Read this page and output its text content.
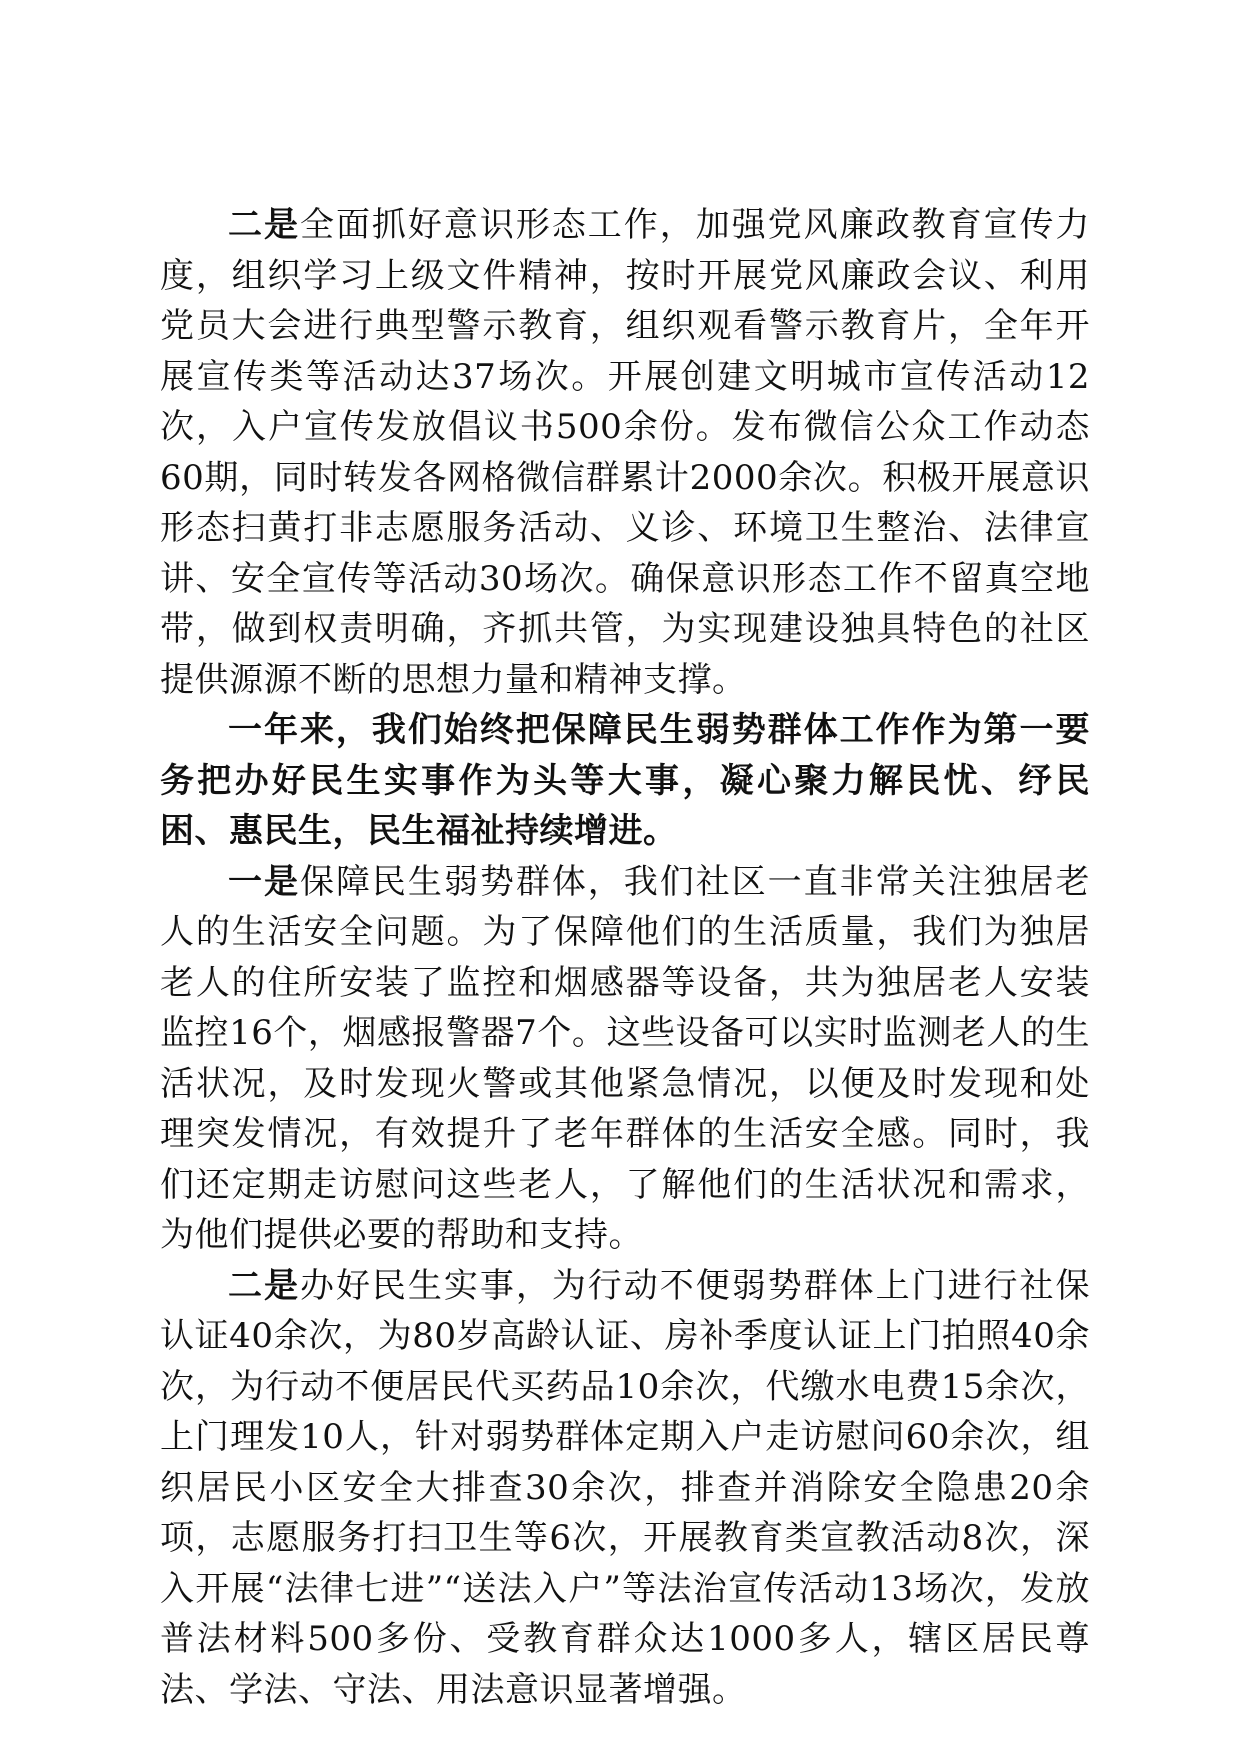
二是全面抓好意识形态工作，加强党风廉政教育宣传力度，组织学习上级文件精神，按时开展党风廉政会议、利用党员大会进行典型警示教育，组织观看警示教育片，全年开展宣传类等活动达37场次。开展创建文明城市宣传活动12次，入户宣传发放倡议书500余份。发布微信公众工作动态60期，同时转发各网格微信群累计2000余次。积极开展意识形态扫黄打非志愿服务活动、义诊、环境卫生整治、法律宣讲、安全宣传等活动30场次。确保意识形态工作不留真空地带，做到权责明确，齐抓共管，为实现建设独具特色的社区提供源源不断的思想力量和精神支撑。

一年来，我们始终把保障民生弱势群体工作作为第一要务把办好民生实事作为头等大事，凝心聚力解民忧、纾民困、惠民生，民生福祉持续增进。

一是保障民生弱势群体，我们社区一直非常关注独居老人的生活安全问题。为了保障他们的生活质量，我们为独居老人的住所安装了监控和烟感器等设备，共为独居老人安装监控16个，烟感报警器7个。这些设备可以实时监测老人的生活状况，及时发现火警或其他紧急情况，以便及时发现和处理突发情况，有效提升了老年群体的生活安全感。同时，我们还定期走访慰问这些老人，了解他们的生活状况和需求，为他们提供必要的帮助和支持。

二是办好民生实事，为行动不便弱势群体上门进行社保认证40余次，为80岁高龄认证、房补季度认证上门拍照40余次，为行动不便居民代买药品10余次，代缴水电费15余次，上门理发10人，针对弱势群体定期入户走访慰问60余次，组织居民小区安全大排查30余次，排查并消除安全隐患20余项，志愿服务打扫卫生等6次，开展教育类宣教活动8次，深入开展“法律七进”“送法入户”等法治宣传活动13场次，发放普法材料500多份、受教育群众达1000多人，辖区居民尊法、学法、守法、用法意识显著增强。
